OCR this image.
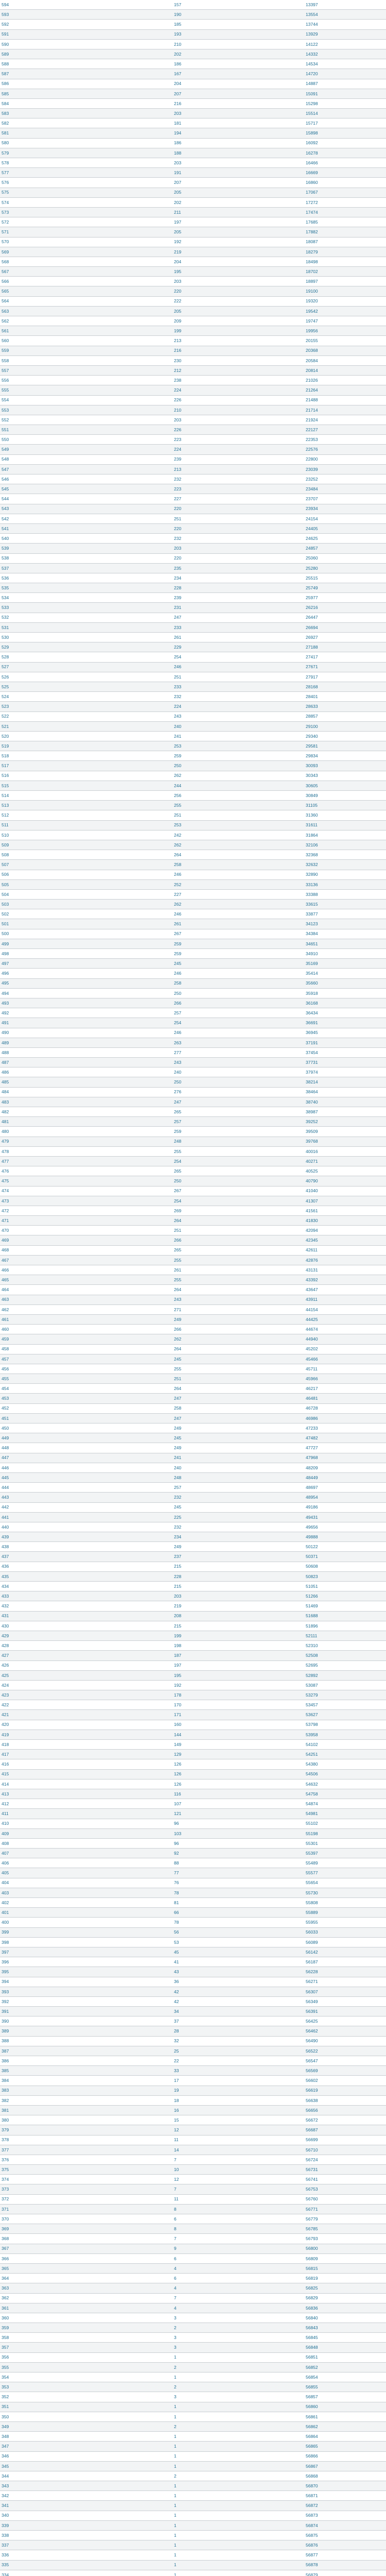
594	157	13397
593	190	13554
592	185	13744
591	193	13929
590	210	14122
589	202	14332
588	186	14534
587	167	14720
586	204	14887
585	207	15091
584	216	15298
583	203	15514
582	181	15717
581	194	15898
580	186	16092
579	188	16278
578	203	16466
577	191	16669
576	207	16860
575	205	17067
574	202	17272
573	211	17474
572	197	17685
571	205	17882
570	192	18087
569	219	18279
568	204	18498
567	195	18702
566	203	18897
565	220	19100
564	222	19320
563	205	19542
562	209	19747
561	199	19956
560	213	20155
559	216	20368
558	230	20584
557	212	20814
556	238	21026
555	224	21264
554	226	21488
553	210	21714
552	203	21924
551	226	22127
550	223	22353
549	224	22576
548	239	22800
547	213	23039
546	232	23252
545	223	23484
544	227	23707
543	220	23934
542	251	24154
541	220	24405
540	232	24625
539	203	24857
538	220	25060
537	235	25280
536	234	25515
535	228	25749
534	239	25977
533	231	26216
532	247	26447
531	233	26694
530	261	26927
529	229	27188
528	254	27417
527	246	27671
526	251	27917
525	233	28168
524	232	28401
523	224	28633
522	243	28857
521	240	29100
520	241	29340
519	253	29581
518	259	29834
517	250	30093
516	262	30343
515	244	30605
514	256	30849
513	255	31105
512	251	31360
511	253	31611
510	242	31864
509	262	32106
508	264	32368
507	258	32632
506	246	32890
505	252	33136
504	227	33388
503	262	33615
502	246	33877
501	261	34123
500	267	34384
499	259	34651
498	259	34910
497	245	35169
496	246	35414
495	258	35660
494	250	35918
493	266	36168
492	257	36434
491	254	36691
490	246	36945
489	263	37191
488	277	37454
487	243	37731
486	240	37974
485	250	38214
484	276	38464
483	247	38740
482	265	38987
481	257	39252
480	259	39509
479	248	39768
478	255	40016
477	254	40271
476	265	40525
475	250	40790
474	267	41040
473	254	41307
472	269	41561
471	264	41830
470	251	42094
469	266	42345
468	265	42611
467	255	42876
466	261	43131
465	255	43392
464	264	43647
463	243	43911
462	271	44154
461	249	44425
460	266	44674
459	262	44940
458	264	45202
457	245	45466
456	255	45711
455	251	45966
454	264	46217
453	247	46481
452	258	46728
451	247	46986
450	249	47233
449	245	47482
448	249	47727
447	241	47968
446	240	48209
445	248	48449
444	257	48697
443	232	48954
442	245	49186
441	225	49431
440	232	49656
439	234	49888
438	249	50122
437	237	50371
436	215	50608
435	228	50823
434	215	51051
433	203	51266
432	219	51469
431	208	51688
430	215	51896
429	199	52111
428	198	52310
427	187	52508
426	197	52695
425	195	52892
424	192	53087
423	178	53279
422	170	53457
421	171	53627
420	160	53798
419	144	53958
418	149	54102
417	129	54251
416	126	54380
415	126	54506
414	126	54632
413	116	54758
412	107	54874
411	121	54981
410	96	55102
409	103	55198
408	96	55301
407	92	55397
406	88	55489
405	77	55577
404	76	55654
403	78	55730
402	81	55808
401	66	55889
400	78	55955
399	56	56033
398	53	56089
397	45	56142
396	41	56187
395	43	56228
394	36	56271
393	42	56307
392	42	56349
391	34	56391
390	37	56425
389	28	56462
388	32	56490
387	25	56522
386	22	56547
385	33	56569
384	17	56602
383	19	56619
382	18	56638
381	16	56656
380	15	56672
379	12	56687
378	11	56699
377	14	56710
376	7	56724
375	10	56731
374	12	56741
373	7	56753
372	11	56760
371	8	56771
370	6	56779
369	8	56785
368	7	56793
367	9	56800
366	6	56809
365	4	56815
364	6	56819
363	4	56825
362	7	56829
361	4	56836
360	3	56840
359	2	56843
358	3	56845
357	3	56848
356	1	56851
355	2	56852
354	1	56854
353	2	56855
352	3	56857
351	1	56860
350	1	56861
349	2	56862
348	1	56864
347	1	56865
346	1	56866
345	1	56867
344	2	56868
343	1	56870
342	1	56871
341	1	56872
340	1	56873
339	1	56874
338	1	56875
337	1	56876
336	1	56877
335	1	56878
334	1	56879
